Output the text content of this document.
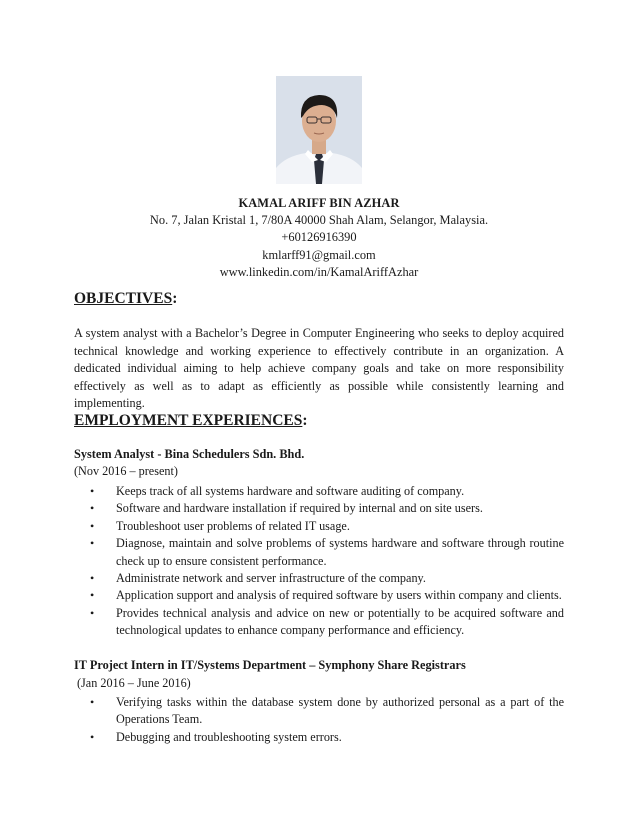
KAMAL ARIFF BIN AZHAR
No. 7, Jalan Kristal 1, 7/80A 40000 Shah Alam, Selangor, Malaysia.
+60126916390
kmlarff91@gmail.com
www.linkedin.com/in/KamalAriffAzhar
OBJECTIVES:
A system analyst with a Bachelor’s Degree in Computer Engineering who seeks to deploy acquired technical knowledge and working experience to effectively contribute in an organization. A dedicated individual aiming to help achieve company goals and take on more responsibility effectively as well as to adapt as efficiently as possible while consistently learning and implementing.
EMPLOYMENT EXPERIENCES:
System Analyst - Bina Schedulers Sdn. Bhd.
(Nov 2016 – present)
• Keeps track of all systems hardware and software auditing of company.
• Software and hardware installation if required by internal and on site users.
• Troubleshoot user problems of related IT usage.
• Diagnose, maintain and solve problems of systems hardware and software through routine check up to ensure consistent performance.
• Administrate network and server infrastructure of the company.
• Application support and analysis of required software by users within company and clients.
• Provides technical analysis and advice on new or potentially to be acquired software and technological updates to enhance company performance and efficiency.
IT Project Intern in IT/Systems Department – Symphony Share Registrars
(Jan 2016 – June 2016)
• Verifying tasks within the database system done by authorized personal as a part of the Operations Team.
• Debugging and troubleshooting system errors.
